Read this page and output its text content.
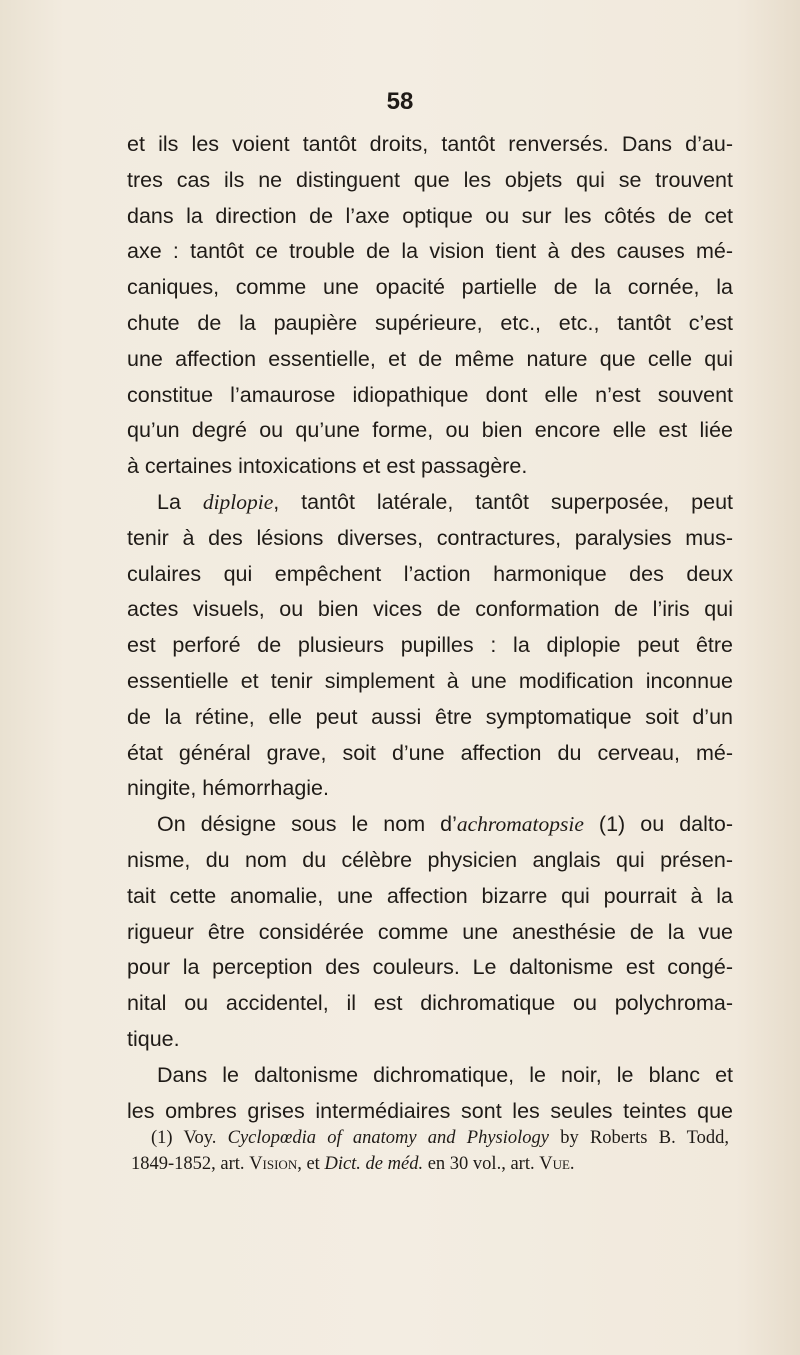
58
et ils les voient tantôt droits, tantôt renversés. Dans d’au-
tres cas ils ne distinguent que les objets qui se trouvent
dans la direction de l’axe optique ou sur les côtés de cet
axe : tantôt ce trouble de la vision tient à des causes mé-
caniques, comme une opacité partielle de la cornée, la
chute de la paupière supérieure, etc., etc., tantôt c’est
une affection essentielle, et de même nature que celle qui
constitue l’amaurose idiopathique dont elle n’est souvent
qu’un degré ou qu’une forme, ou bien encore elle est liée
à certaines intoxications et est passagère.
La diplopie, tantôt latérale, tantôt superposée, peut
tenir à des lésions diverses, contractures, paralysies mus-
culaires qui empêchent l’action harmonique des deux
actes visuels, ou bien vices de conformation de l’iris qui
est perforé de plusieurs pupilles : la diplopie peut être
essentielle et tenir simplement à une modification inconnue
de la rétine, elle peut aussi être symptomatique soit d’un
état général grave, soit d’une affection du cerveau, mé-
ningite, hémorrhagie.
On désigne sous le nom d’achromatopsie (1) ou dalto-
nisme, du nom du célèbre physicien anglais qui présen-
tait cette anomalie, une affection bizarre qui pourrait à la
rigueur être considérée comme une anesthésie de la vue
pour la perception des couleurs. Le daltonisme est congé-
nital ou accidentel, il est dichromatique ou polychroma-
tique.
Dans le daltonisme dichromatique, le noir, le blanc et
les ombres grises intermédiaires sont les seules teintes que
(1) Voy. Cyclopœdia of anatomy and Physiology by Roberts B. Todd,
1849-1852, art. Vision, et Dict. de méd. en 30 vol., art. Vue.
